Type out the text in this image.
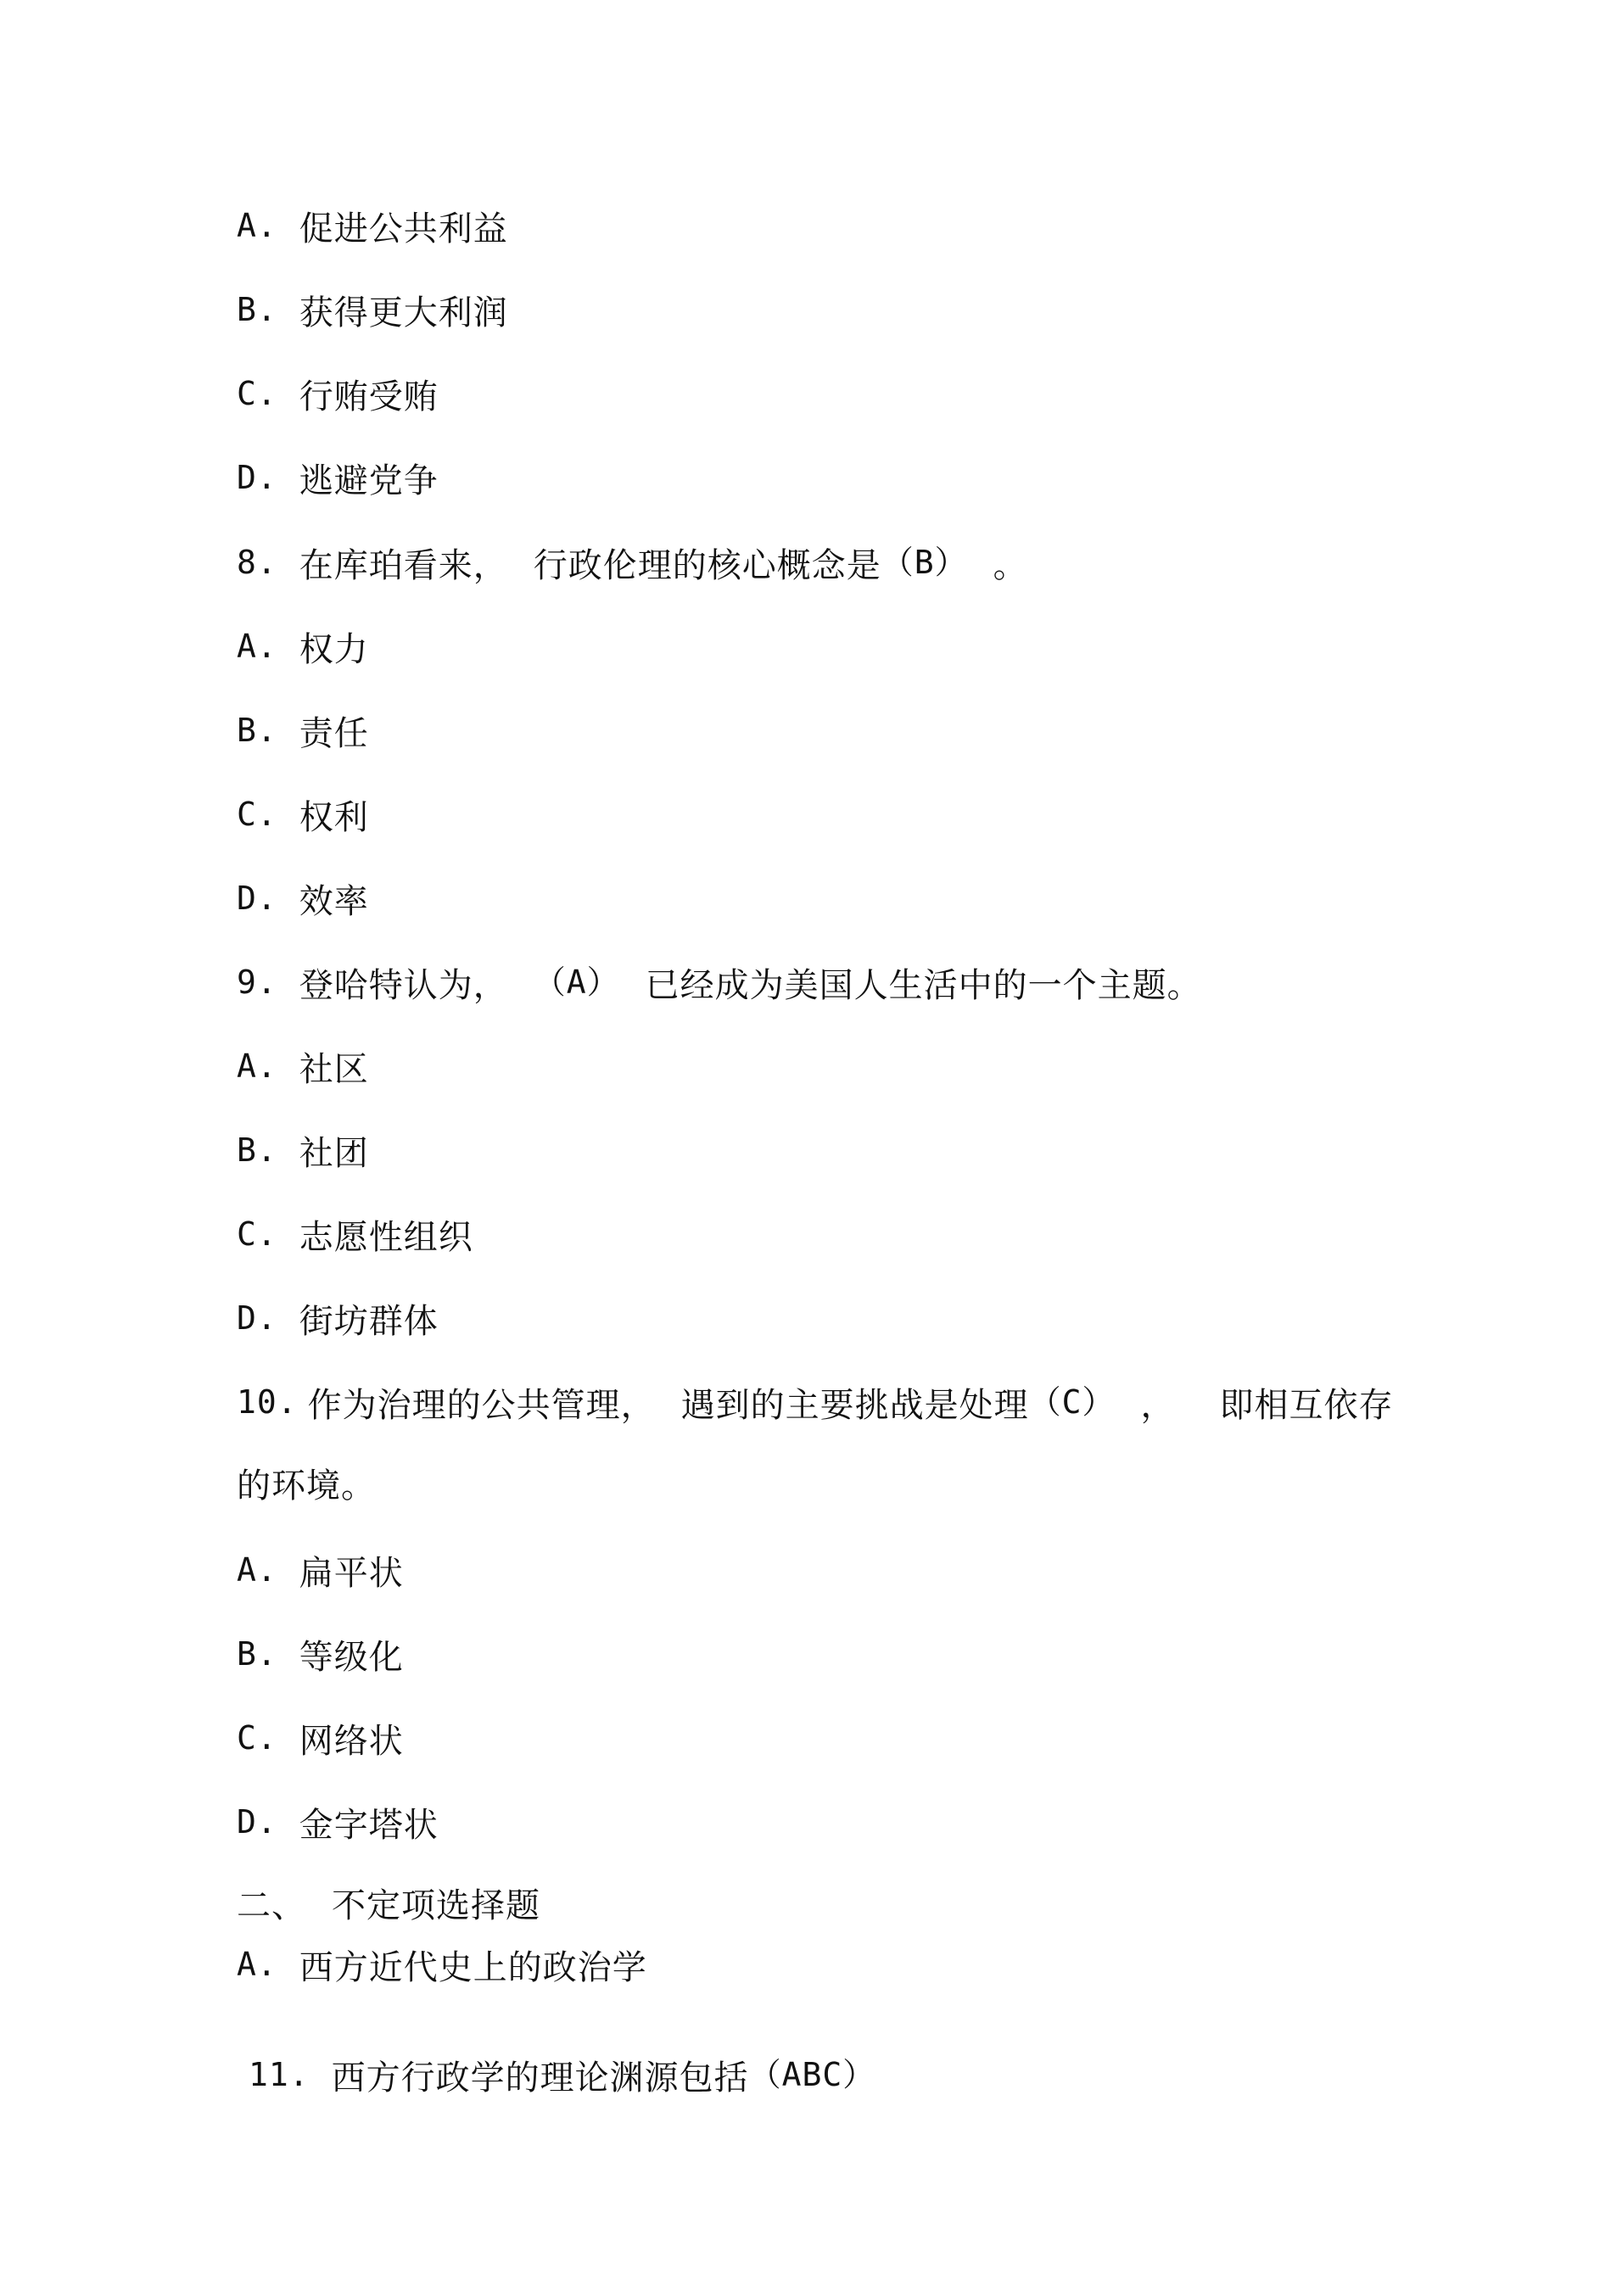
A. 促进公共利益
B. 获得更大利润
C. 行贿受贿
D. 逃避党争
8. 在库珀看来， 行政伦理的核心概念是（B） 。
A. 权力
B. 责任
C. 权利
D. 效率
9. 登哈特认为， （A） 已经成为美国人生活中的一个主题。
A. 社区
B. 社团
C. 志愿性组织
D. 街坊群体
10. 作为治理的公共管理， 遇到的主要挑战是处理（C） ， 即相互依存
的环境。
A. 扁平状
B. 等级化
C. 网络状
D. 金字塔状
二、 不定项选择题
A. 西方近代史上的政治学
11. 西方行政学的理论渊源包括（ABC）
